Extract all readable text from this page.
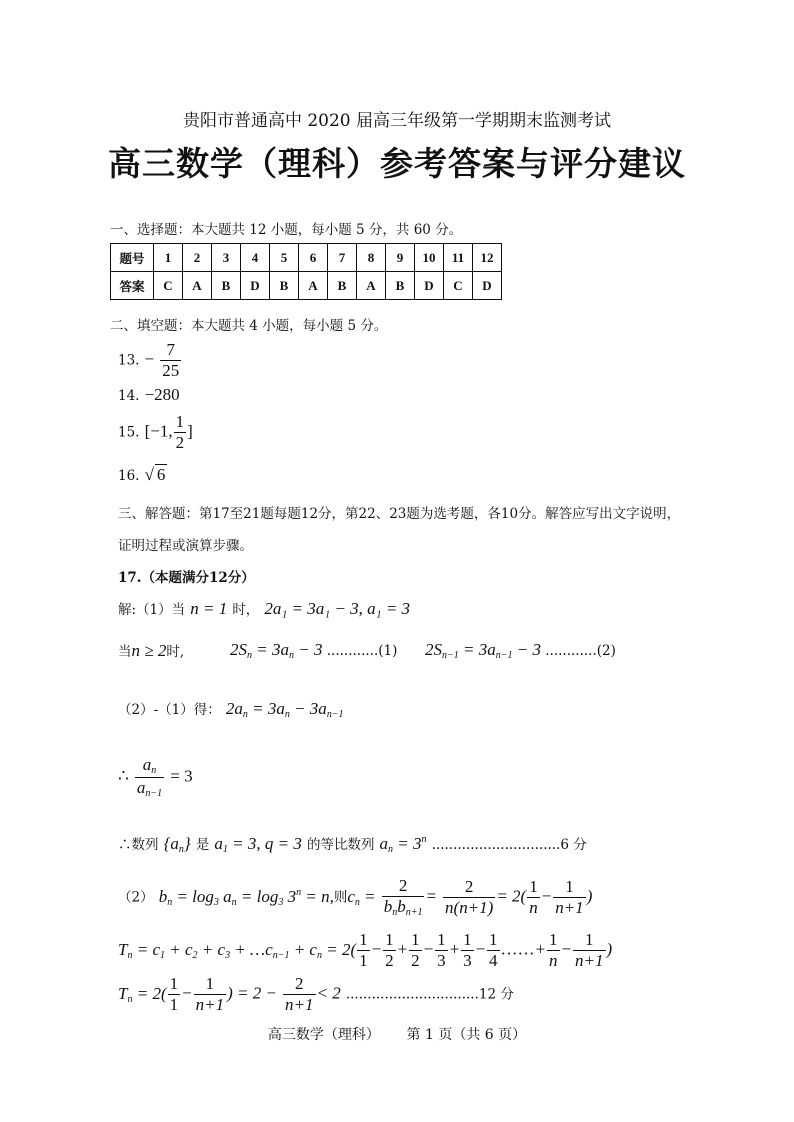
贵阳市普通高中 2020 届高三年级第一学期期末监测考试
高三数学（理科）参考答案与评分建议
一、选择题：本大题共 12 小题，每小题 5 分，共 60 分。
题号	1	2	3	4	5	6	7	8	9	10	11	12
答案	C	A	B	D	B	A	B	A	B	D	C	D
二、填空题：本大题共 4 小题，每小题 5 分。
13. − $\frac{7}{25}$
14. −280
15. [−1, $\frac{1}{2}$ ]
16. √ 6
三、解答题：第17至21题每题12分，第22、23题为选考题，各10分。解答应写出文字说明，
证明过程或演算步骤。
17.（本题满分12分）
解:（1）当 n = 1 时， 2a₁ = 3a₁ − 3, a₁ = 3
当n ≥ 2时,	$2S_n = 3a_n - 3$ ............(1) $2S_{n-1} = 3a_{n-1} - 3$ ............(2)
（2）-（1）得： $2a_n = 3a_n - 3a_{n-1}$
∴ $\frac{a_n}{a_{n-1}} = 3$
∴数列 $\{a_n\}$ 是 $a_1 = 3$, q = 3 的等比数列 $a_n = 3^n$ ..............................6 分
（2） $b_n = \log_3 a_n = \log_3 3^n = n$,则$c_n = \frac{2}{b_nb_{n+1}} = \frac{2}{n(n+1)} = 2( \frac{1}{n} - \frac{1}{n+1}$ )
$T_n = c_1 + c_2 + c_3$ + $\dots c_{n-1} + c_n = 2( \frac{1}{1} - \frac{1}{2} + \frac{1}{2} - \frac{1}{3} + \frac{1}{3} - \frac{1}{4}$ ……+ $\frac{1}{n} - \frac{1}{n+1}$ )
$T_n = 2( \frac{1}{1} - \frac{1}{n+1}$ ) = $2 - \frac{2}{n+1} < 2$ ...............................12 分
高三数学（理科） 第 1 页（共 6 页）
